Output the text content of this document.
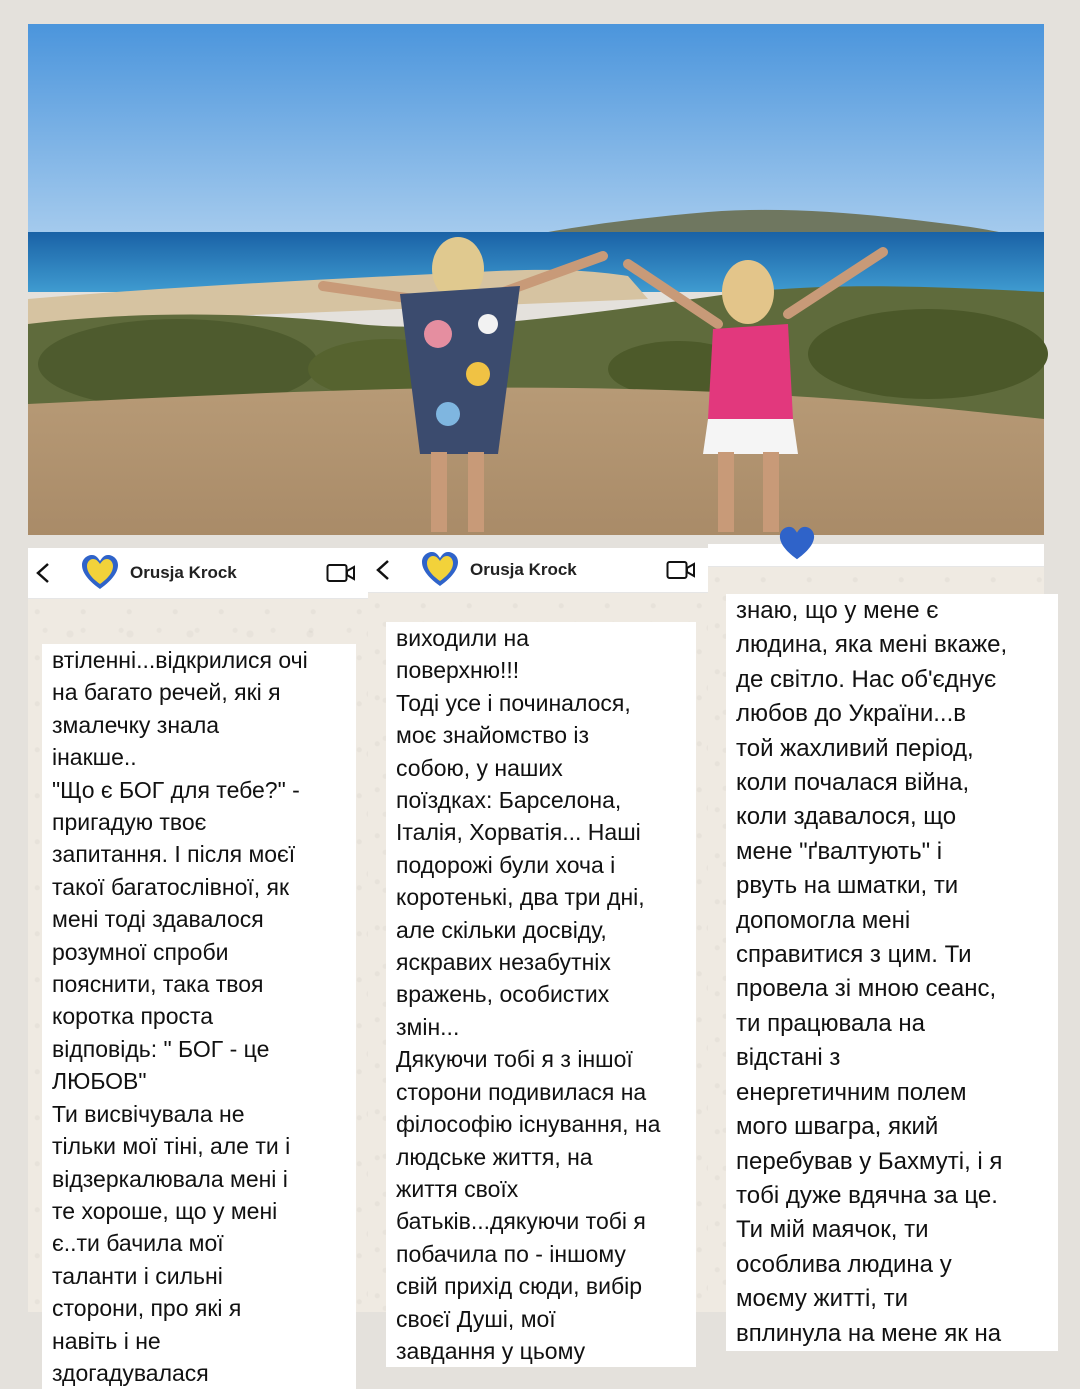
Orusja Krock
втіленні...відкрилися очі
на багато речей, які я
змалечку знала
інакше..
"Що є БОГ для тебе?" -
пригадую твоє
запитання. І після моєї
такої багатослівної, як
мені тоді здавалося
розумної спроби
пояснити, така твоя
коротка проста
відповідь: " БОГ - це
ЛЮБОВ"
Ти висвічувала не
тільки мої тіні, але ти і
відзеркалювала мені і
те хороше, що у мені
є..ти бачила мої
таланти і сильні
сторони, про які я
навіть і не
здогадувалася
Orusja Krock
виходили на
поверхню!!!
Тоді усе і починалося,
моє знайомство із
собою, у наших
поїздках: Барселона,
Італія, Хорватія... Наші
подорожі були хоча і
коротенькі, два три дні,
але скільки досвіду,
яскравих незабутніх
вражень, особистих
змін...
Дякуючи тобі я з іншої
сторони подивилася на
філософію існування, на
людське життя, на
життя своїх
батьків...дякуючи тобі я
побачила по - іншому
свій прихід сюди, вибір
своєї Душі, мої
завдання у цьому
знаю, що у мене є
людина, яка мені вкаже,
де світло. Нас об'єднує
любов до України...в
той жахливий період,
коли почалася війна,
коли здавалося, що
мене "ґвалтують" і
рвуть на шматки, ти
допомогла мені
справитися з цим. Ти
провела зі мною сеанс,
ти працювала на
відстані з
енергетичним полем
мого швагра, який
перебував у Бахмуті, і я
тобі дуже вдячна за це.
Ти мій маячок, ти
особлива людина у
моєму житті, ти
вплинула на мене як на
